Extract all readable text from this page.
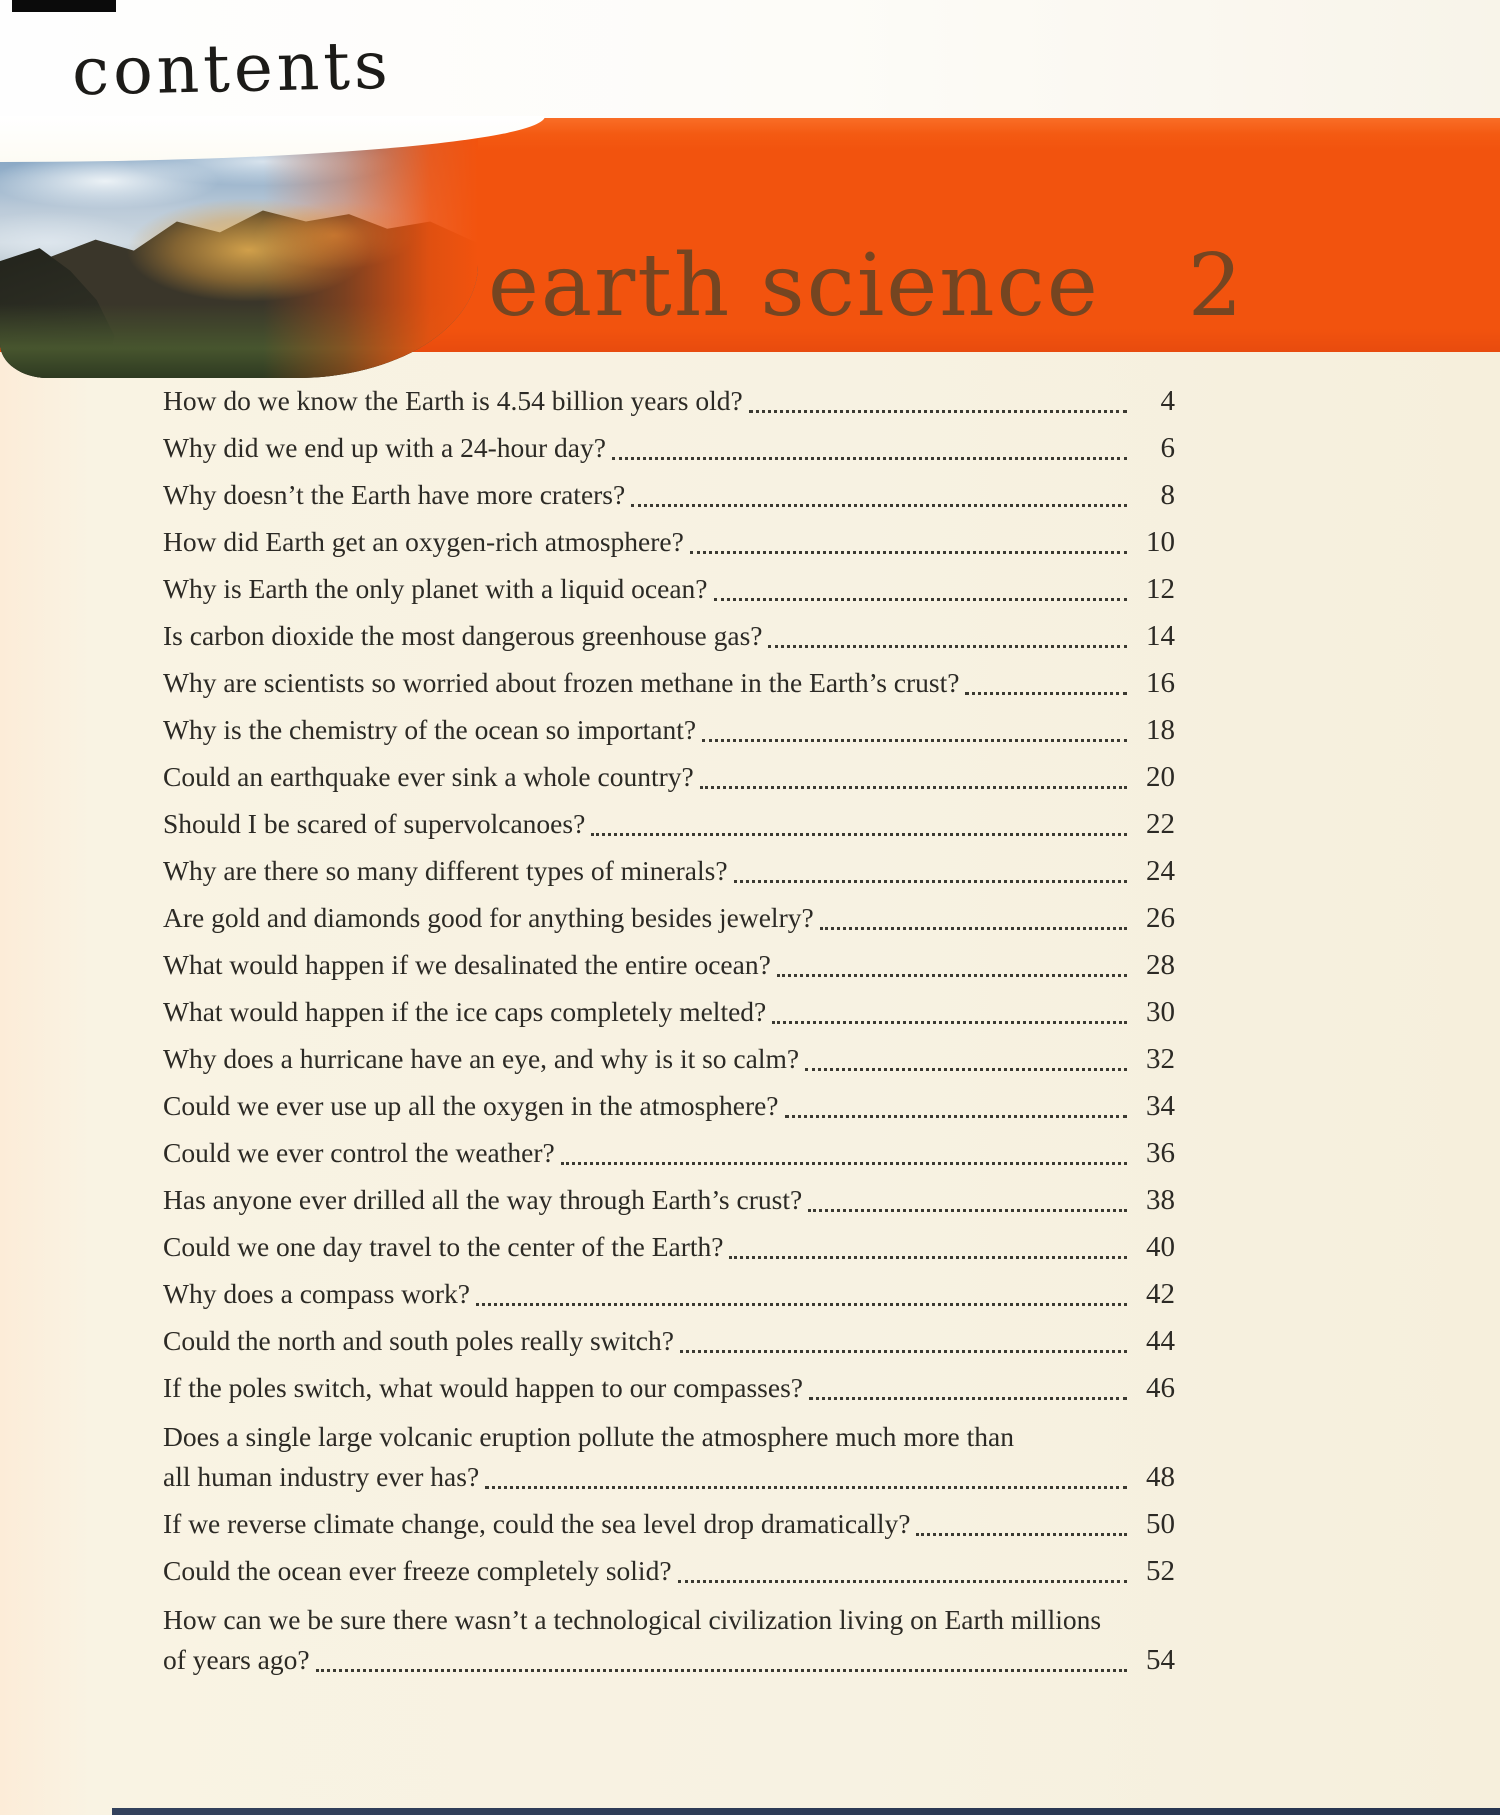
contents
earth science 2
How do we know the Earth is 4.54 billion years old?	4
Why did we end up with a 24-hour day?	6
Why doesn’t the Earth have more craters?	8
How did Earth get an oxygen-rich atmosphere?	10
Why is Earth the only planet with a liquid ocean?	12
Is carbon dioxide the most dangerous greenhouse gas?	14
Why are scientists so worried about frozen methane in the Earth’s crust?	16
Why is the chemistry of the ocean so important?	18
Could an earthquake ever sink a whole country?	20
Should I be scared of supervolcanoes?	22
Why are there so many different types of minerals?	24
Are gold and diamonds good for anything besides jewelry?	26
What would happen if we desalinated the entire ocean?	28
What would happen if the ice caps completely melted?	30
Why does a hurricane have an eye, and why is it so calm?	32
Could we ever use up all the oxygen in the atmosphere?	34
Could we ever control the weather?	36
Has anyone ever drilled all the way through Earth’s crust?	38
Could we one day travel to the center of the Earth?	40
Why does a compass work?	42
Could the north and south poles really switch?	44
If the poles switch, what would happen to our compasses?	46
Does a single large volcanic eruption pollute the atmosphere much more than
all human industry ever has?	48
If we reverse climate change, could the sea level drop dramatically?	50
Could the ocean ever freeze completely solid?	52
How can we be sure there wasn’t a technological civilization living on Earth millions
of years ago?	54
